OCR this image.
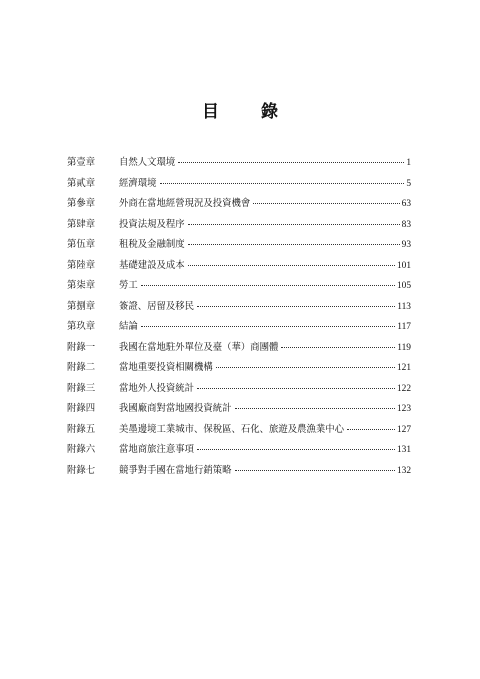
目 錄
第壹章	自然人文環境	1
第貳章	經濟環境	5
第參章	外商在當地經營現況及投資機會	63
第肆章	投資法規及程序	83
第伍章	租稅及金融制度	93
第陸章	基礎建設及成本	101
第柒章	勞工	105
第捌章	簽證、居留及移民	113
第玖章	結論	117
附錄一	我國在當地駐外單位及臺（華）商團體	119
附錄二	當地重要投資相關機構	121
附錄三	當地外人投資統計	122
附錄四	我國廠商對當地國投資統計	123
附錄五	美墨邊境工業城市、保稅區、石化、旅遊及農漁業中心	127
附錄六	當地商旅注意事項	131
附錄七	競爭對手國在當地行銷策略	132
